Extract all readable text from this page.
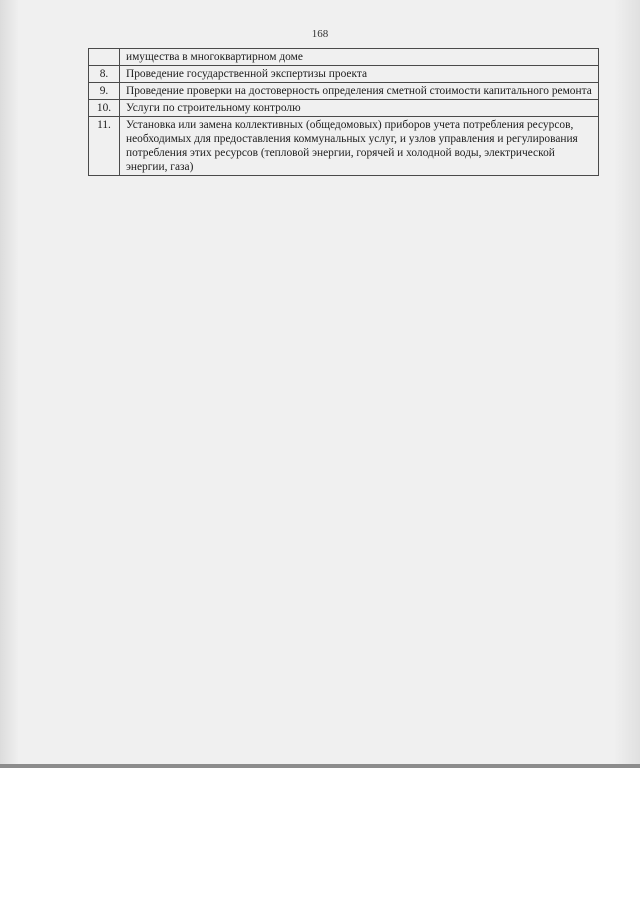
168
	имущества в многоквартирном доме
8.	Проведение государственной экспертизы проекта
9.	Проведение проверки на достоверность определения сметной стоимости капитального ремонта
10.	Услуги по строительному контролю
11.	Установка или замена коллективных (общедомовых) приборов учета потребления ресурсов, необходимых для предоставления коммунальных услуг, и узлов управления и регулирования потребления этих ресурсов (тепловой энергии, горячей и холодной воды, электрической энергии, газа)
